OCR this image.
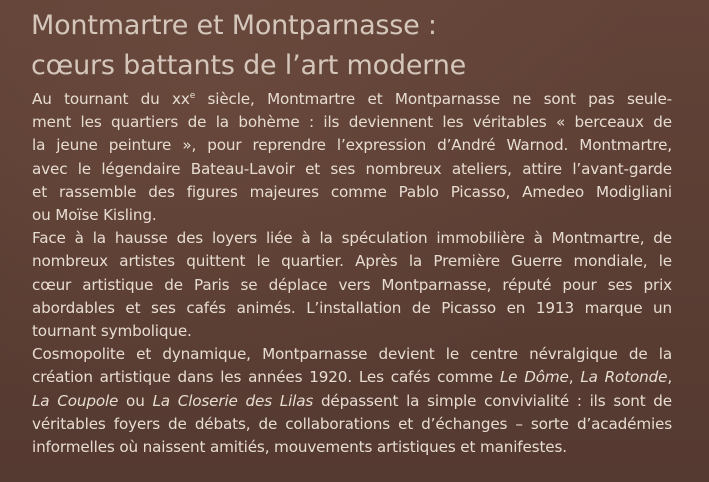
Montmartre et Montparnasse :
cœurs battants de l’art moderne

Au tournant du $xx^e$ siècle, Montmartre et Montparnasse ne sont pas seule-
ment les quartiers de la bohème : ils deviennent les véritables « berceaux de
la jeune peinture », pour reprendre l’expression d’André Warnod. Montmartre,
avec le légendaire Bateau-Lavoir et ses nombreux ateliers, attire l’avant-garde
et rassemble des figures majeures comme Pablo Picasso, Amedeo Modigliani
ou Moïse Kisling.

Face à la hausse des loyers liée à la spéculation immobilière à Montmartre, de
nombreux artistes quittent le quartier. Après la Première Guerre mondiale, le
cœur artistique de Paris se déplace vers Montparnasse, réputé pour ses prix
abordables et ses cafés animés. L’installation de Picasso en 1913 marque un
tournant symbolique.

Cosmopolite et dynamique, Montparnasse devient le centre névralgique de la
création artistique dans les années 1920. Les cafés comme Le Dôme, La Rotonde,
La Coupole ou La Closerie des Lilas dépassent la simple convivialité : ils sont de
véritables foyers de débats, de collaborations et d’échanges – sorte d’académies
informelles où naissent amitiés, mouvements artistiques et manifestes.
